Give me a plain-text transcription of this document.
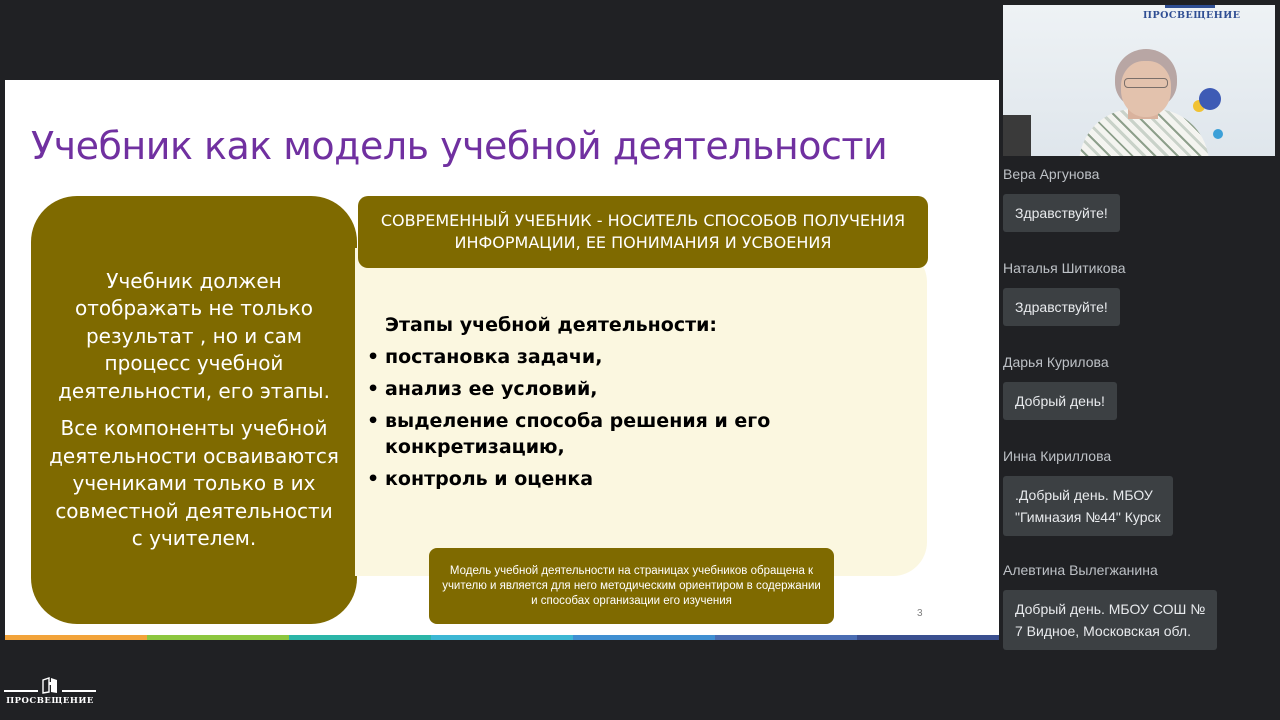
Учебник как модель учебной деятельности

Учебник должен отображать не только результат , но и сам процесс учебной деятельности, его этапы.

Все компоненты учебной деятельности осваиваются учениками только в их совместной деятельности с учителем.

СОВРЕМЕННЫЙ УЧЕБНИК - НОСИТЕЛЬ СПОСОБОВ ПОЛУЧЕНИЯ ИНФОРМАЦИИ, ЕЕ ПОНИМАНИЯ И УСВОЕНИЯ
Этапы учебной деятельности:
• постановка задачи,
• анализ ее условий,
• выделение способа решения и его конкретизацию,
• контроль и оценка
Модель учебной деятельности на страницах учебников обращена к учителю и является для него методическим ориентиром в содержании и способах организации его изучения
3
ПРОСВЕЩЕНИЕ
ПРОСВЕЩЕНИЕ
Вера Аргунова
Здравствуйте!
Наталья Шитикова
Здравствуйте!
Дарья Курилова
Добрый день!
Инна Кириллова
.Добрый день. МБОУ
"Гимназия №44" Курск
Алевтина Вылегжанина
Добрый день. МБОУ СОШ №
7 Видное, Московская обл.
